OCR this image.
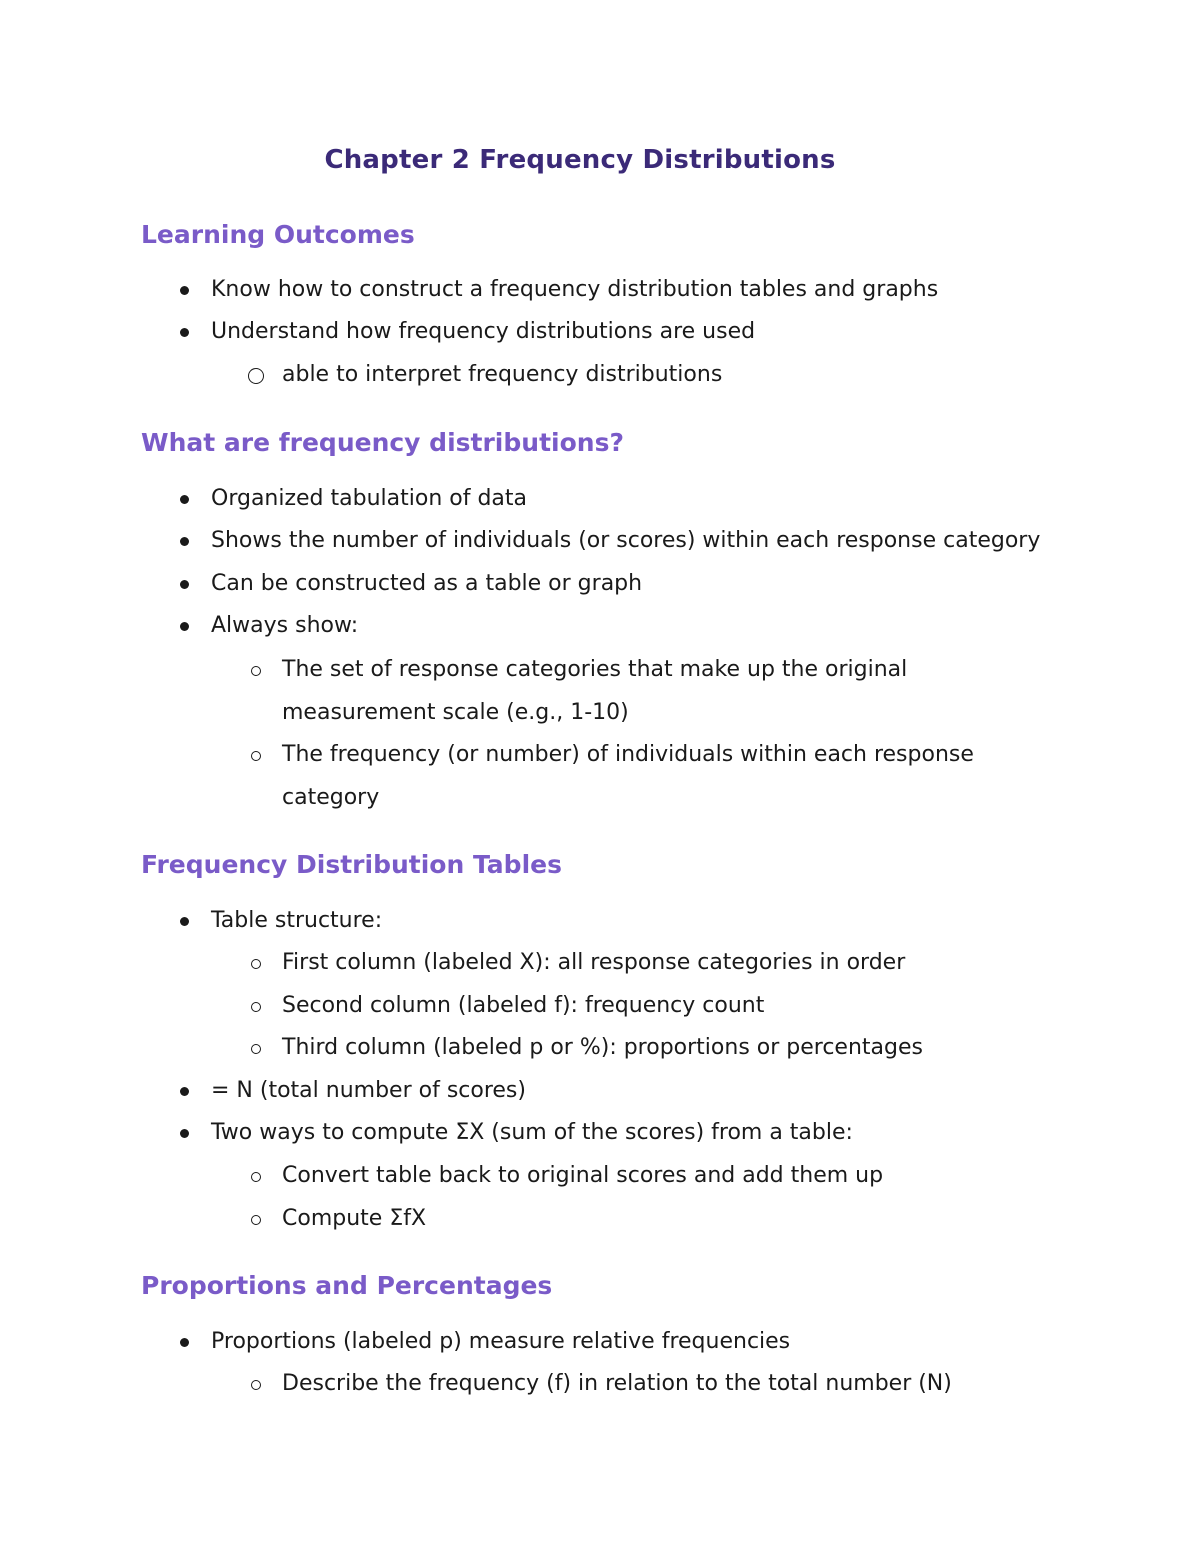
Chapter 2 Frequency Distributions
Learning Outcomes
Know how to construct a frequency distribution tables and graphs
Understand how frequency distributions are used
able to interpret frequency distributions
What are frequency distributions?
Organized tabulation of data
Shows the number of individuals (or scores) within each response category
Can be constructed as a table or graph
Always show:
The set of response categories that make up the original measurement scale (e.g., 1-10)
The frequency (or number) of individuals within each response category
Frequency Distribution Tables
Table structure:
First column (labeled X): all response categories in order
Second column (labeled f): frequency count
Third column (labeled p or %): proportions or percentages
= N (total number of scores)
Two ways to compute ΣX (sum of the scores) from a table:
Convert table back to original scores and add them up
Compute ΣfX
Proportions and Percentages
Proportions (labeled p) measure relative frequencies
Describe the frequency (f) in relation to the total number (N)
